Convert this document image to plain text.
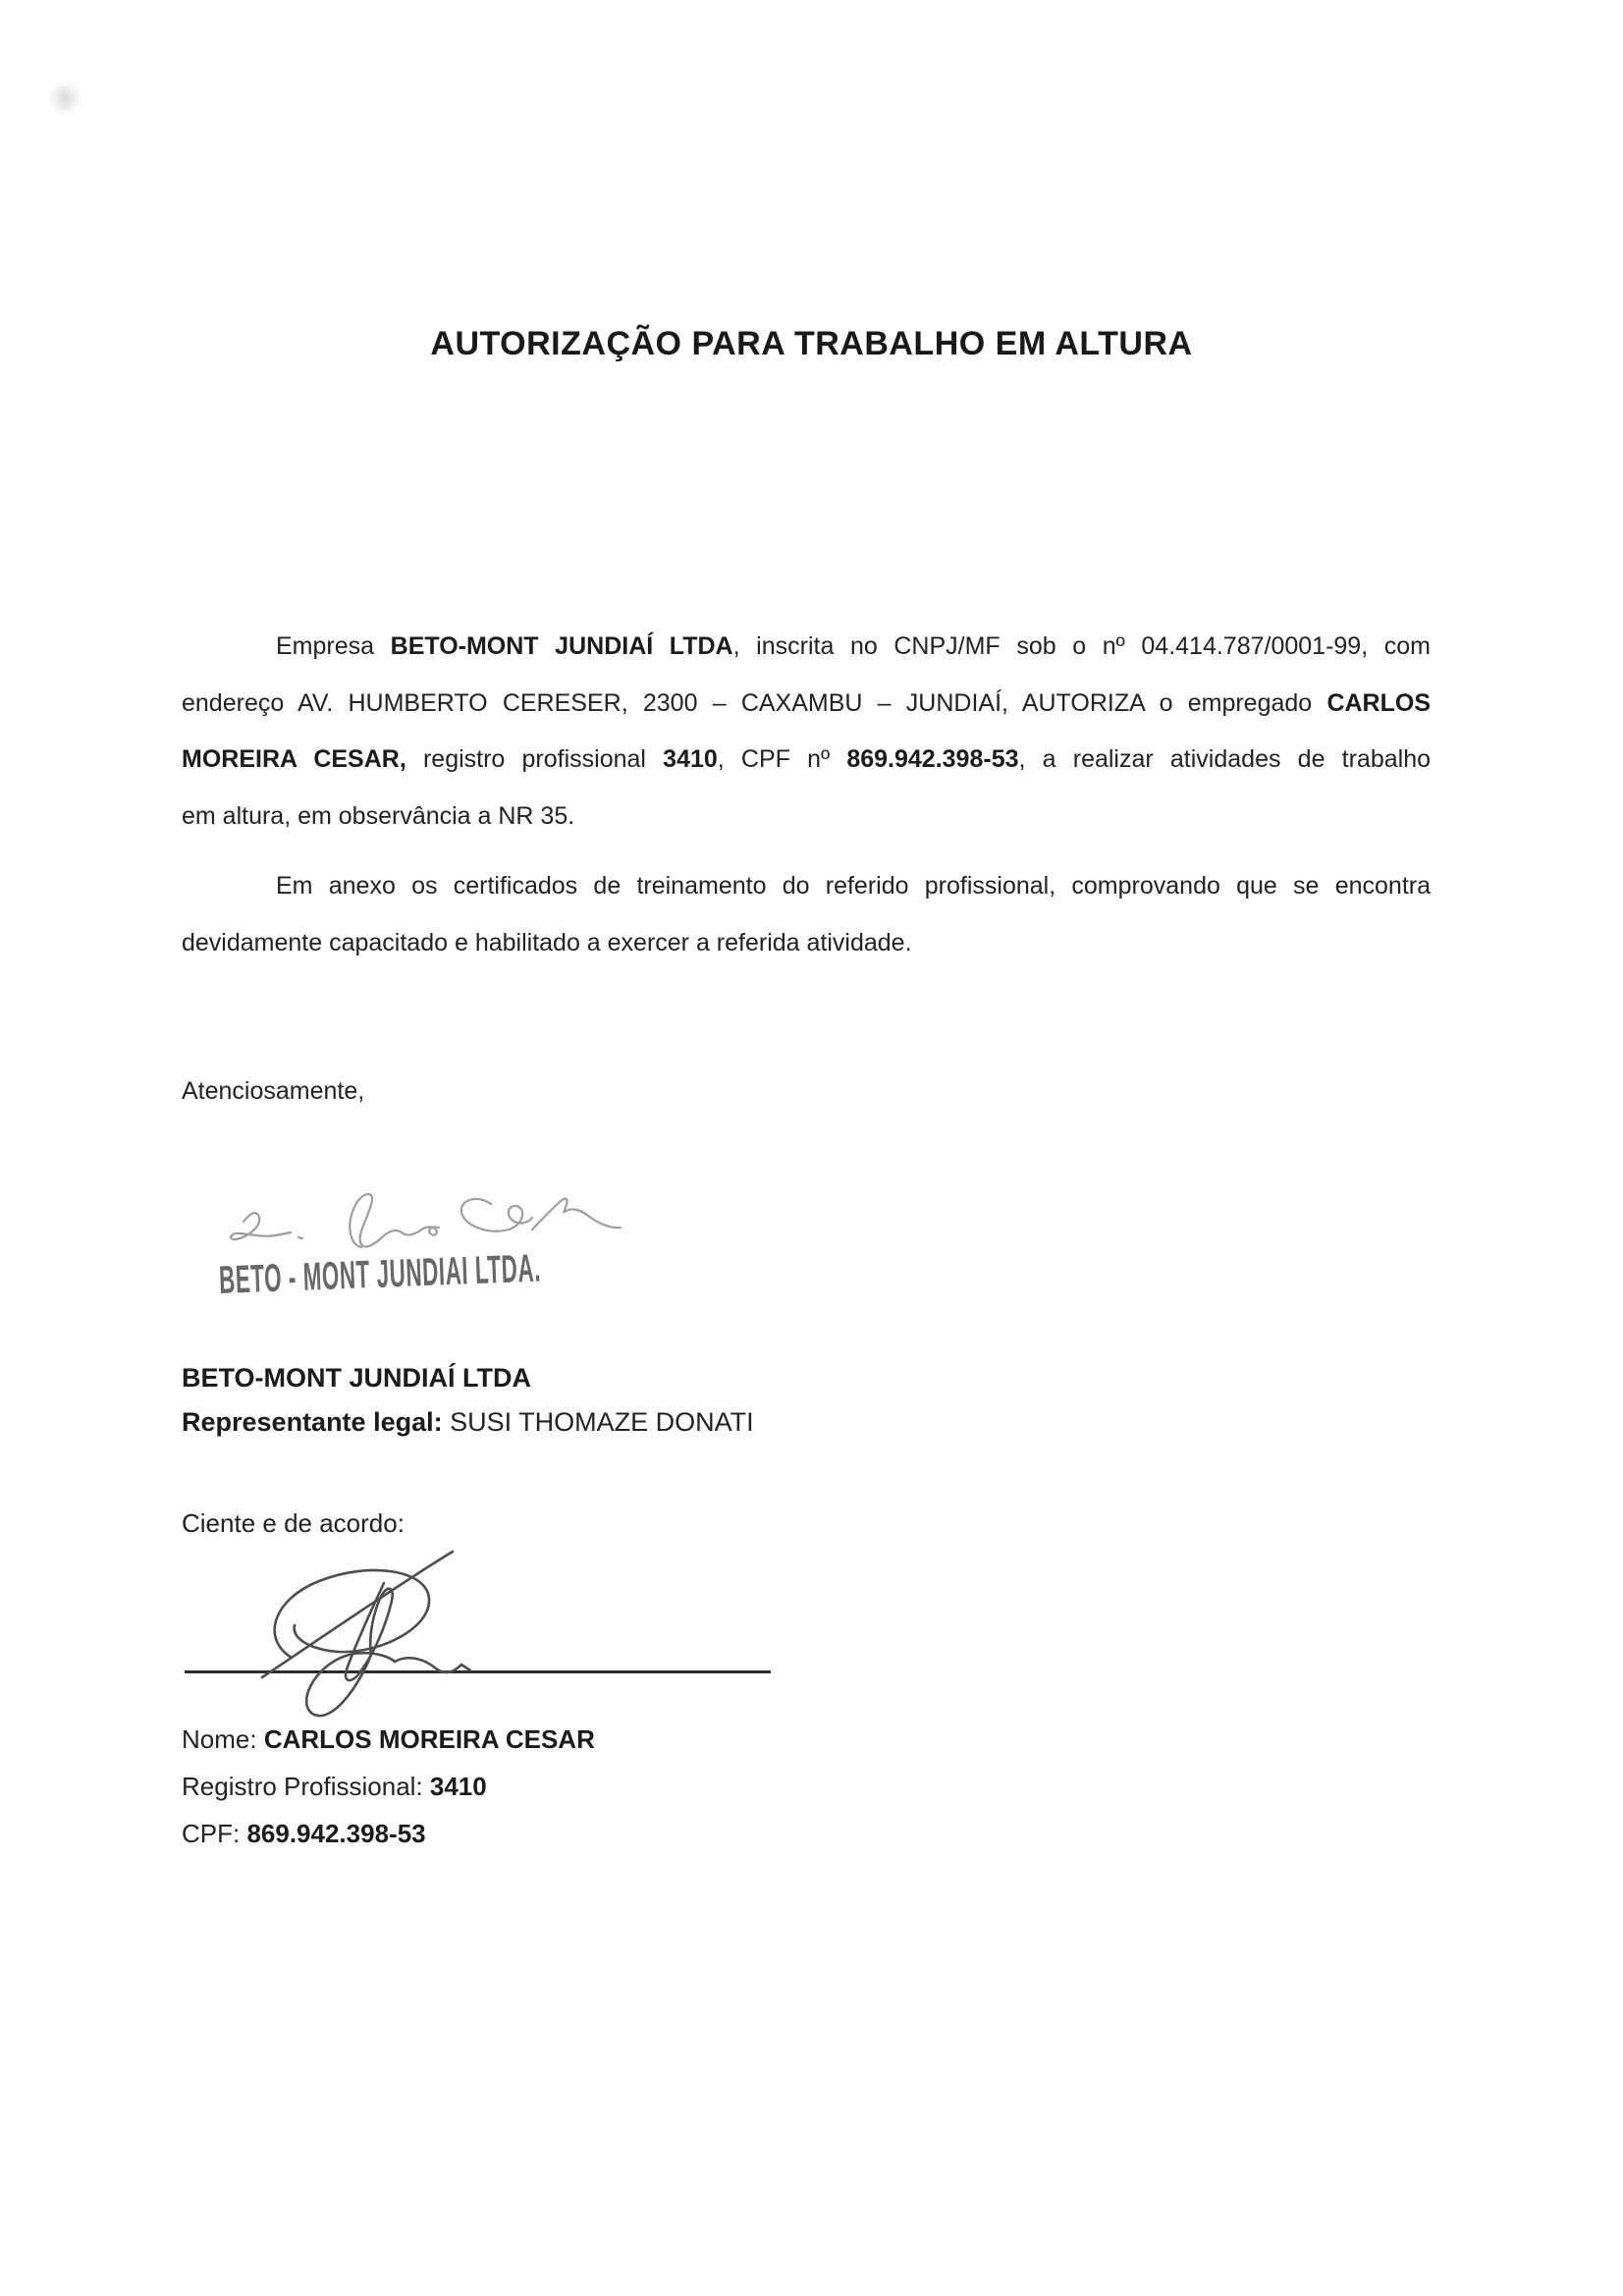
AUTORIZAÇÃO PARA TRABALHO EM ALTURA
Empresa BETO-MONT JUNDIAÍ LTDA, inscrita no CNPJ/MF sob o nº 04.414.787/0001-99, com
endereço AV. HUMBERTO CERESER, 2300 – CAXAMBU – JUNDIAÍ, AUTORIZA o empregado CARLOS
MOREIRA CESAR, registro profissional 3410, CPF nº 869.942.398-53, a realizar atividades de trabalho
em altura, em observância a NR 35.
Em anexo os certificados de treinamento do referido profissional, comprovando que se encontra
devidamente capacitado e habilitado a exercer a referida atividade.
Atenciosamente,
BETO - MONT JUNDIAI LTDA.
BETO-MONT JUNDIAÍ LTDA
Representante legal: SUSI THOMAZE DONATI
Ciente e de acordo:
Nome: CARLOS MOREIRA CESAR
Registro Profissional: 3410
CPF: 869.942.398-53
